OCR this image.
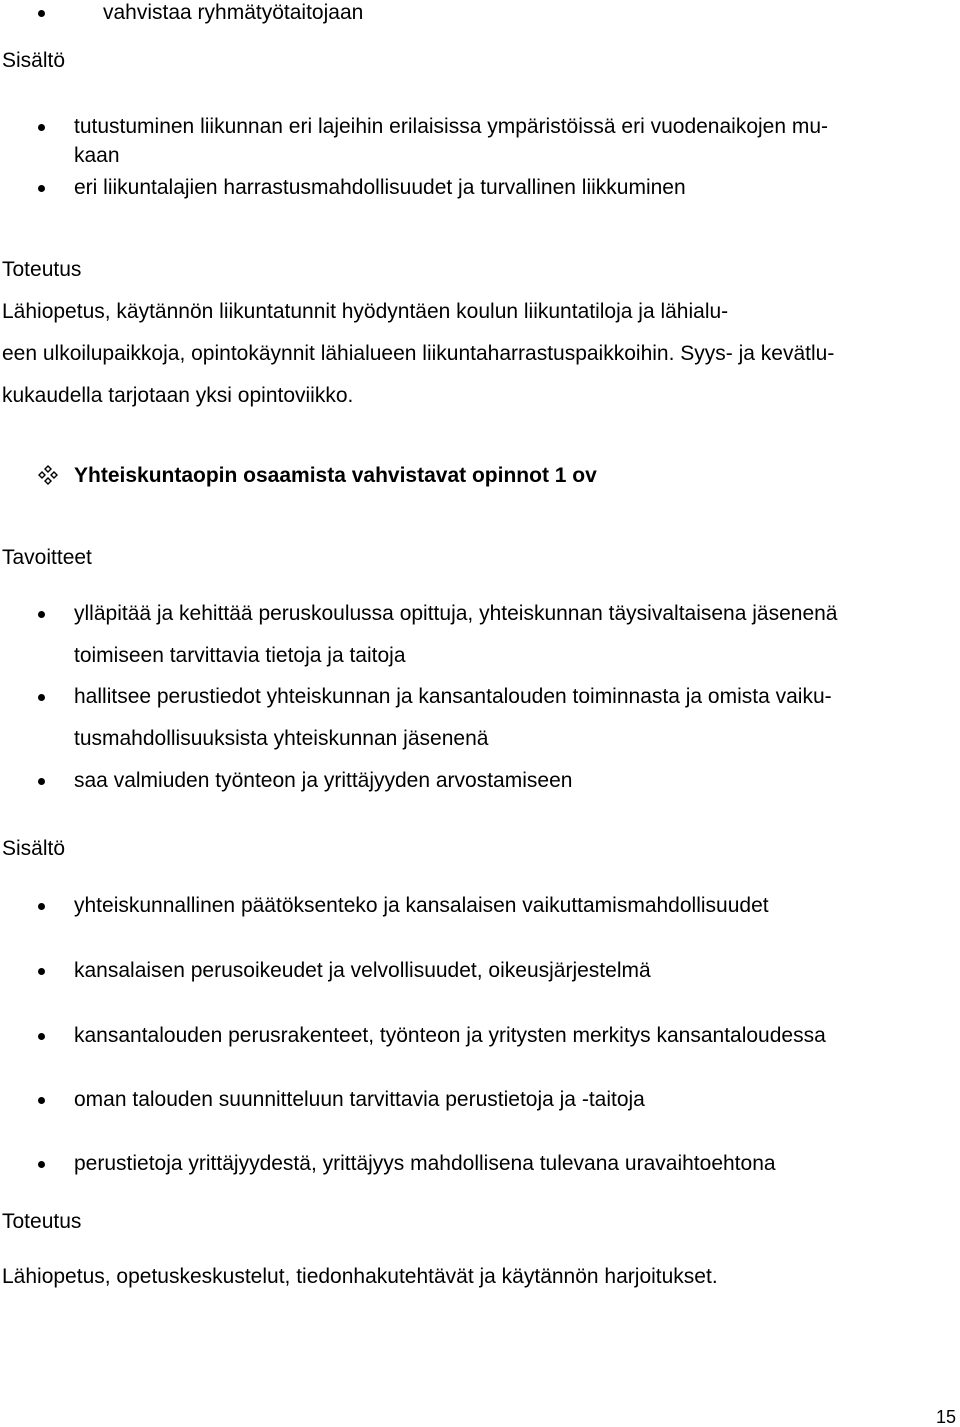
vahvistaa ryhmätyötaitojaan
Sisältö
tutustuminen liikunnan eri lajeihin erilaisissa ympäristöissä eri vuodenaikojen mu-
kaan
eri liikuntalajien harrastusmahdollisuudet ja turvallinen liikkuminen
Toteutus
Lähiopetus, käytännön liikuntatunnit hyödyntäen koulun liikuntatiloja ja lähialu-
een ulkoilupaikkoja, opintokäynnit lähialueen liikuntaharrastuspaikkoihin. Syys- ja kevätlu-
kukaudella tarjotaan yksi opintoviikko.
Yhteiskuntaopin osaamista vahvistavat opinnot 1 ov
Tavoitteet
ylläpitää ja kehittää peruskoulussa opittuja, yhteiskunnan täysivaltaisena jäsenenä
toimiseen tarvittavia tietoja ja taitoja
hallitsee perustiedot yhteiskunnan ja kansantalouden toiminnasta ja omista vaiku-
tusmahdollisuuksista yhteiskunnan jäsenenä
saa valmiuden työnteon ja yrittäjyyden arvostamiseen
Sisältö
yhteiskunnallinen päätöksenteko ja kansalaisen vaikuttamismahdollisuudet
kansalaisen perusoikeudet ja velvollisuudet, oikeusjärjestelmä
kansantalouden perusrakenteet, työnteon ja yritysten merkitys kansantaloudessa
oman talouden suunnitteluun tarvittavia perustietoja ja -taitoja
perustietoja yrittäjyydestä, yrittäjyys mahdollisena tulevana uravaihtoehtona
Toteutus
Lähiopetus, opetuskeskustelut, tiedonhakutehtävät ja käytännön harjoitukset.
15
